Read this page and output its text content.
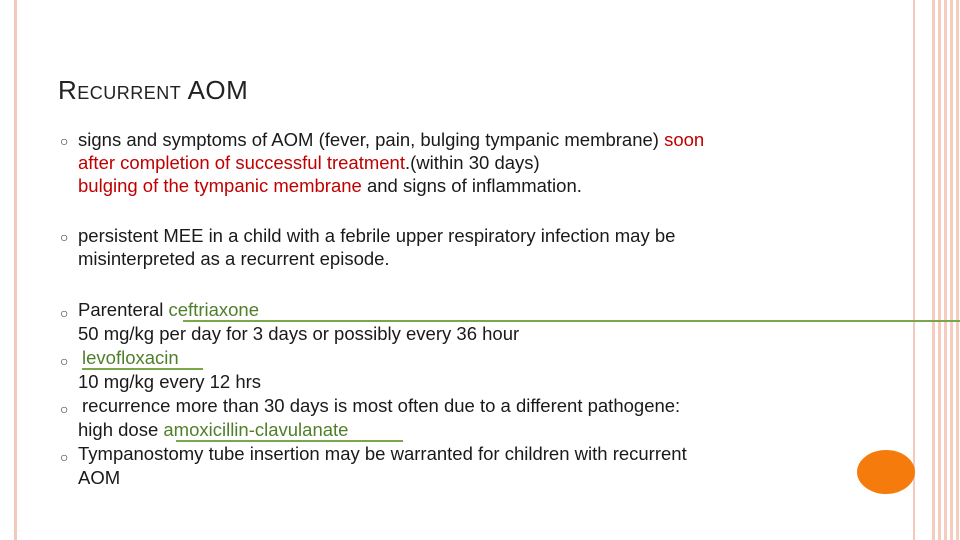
Recurrent AOM
○ signs and symptoms of AOM (fever, pain, bulging tympanic membrane) soon
after completion of successful treatment.(within 30 days)
bulging of the tympanic membrane and signs of inflammation.

○ persistent MEE in a child with a febrile upper respiratory infection may be
misinterpreted as a recurrent episode.

○ Parenteral ceftriaxone
50 mg/kg per day for 3 days or possibly every 36 hour

○ levofloxacin
10 mg/kg every 12 hrs

○ recurrence more than 30 days is most often due to a different pathogene:
high dose amoxicillin-clavulanate

○ Tympanostomy tube insertion may be warranted for children with recurrent
AOM
